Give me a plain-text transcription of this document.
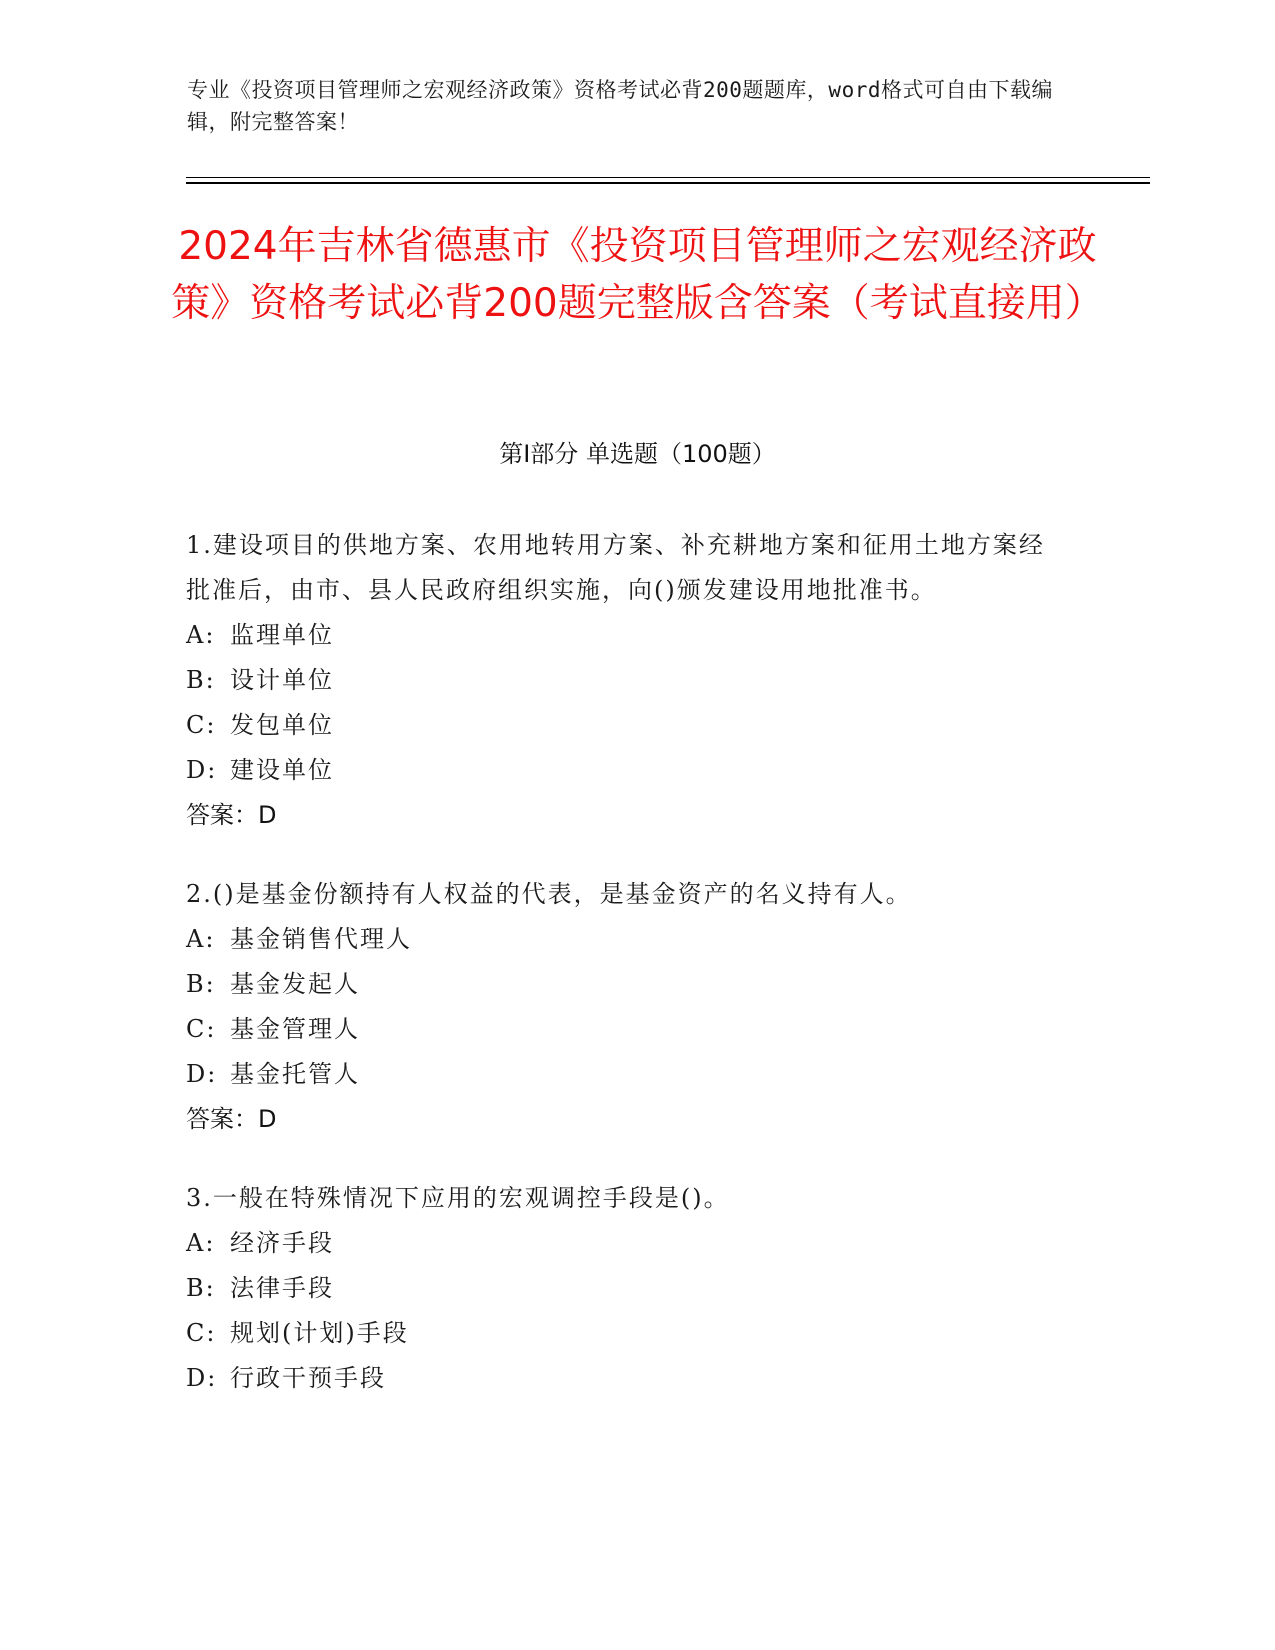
专业《投资项目管理师之宏观经济政策》资格考试必背200题题库，word格式可自由下载编辑，附完整答案！
2024年吉林省德惠市《投资项目管理师之宏观经济政策》资格考试必背200题完整版含答案（考试直接用）
第I部分 单选题（100题）

1.建设项目的供地方案、农用地转用方案、补充耕地方案和征用土地方案经批准后，由市、县人民政府组织实施，向()颁发建设用地批准书。

A: 监理单位
B: 设计单位
C: 发包单位
D: 建设单位

答案：D

2.()是基金份额持有人权益的代表，是基金资产的名义持有人。

A: 基金销售代理人
B: 基金发起人
C: 基金管理人
D: 基金托管人

答案：D

3.一般在特殊情况下应用的宏观调控手段是()。

A: 经济手段
B: 法律手段
C: 规划(计划)手段
D: 行政干预手段
